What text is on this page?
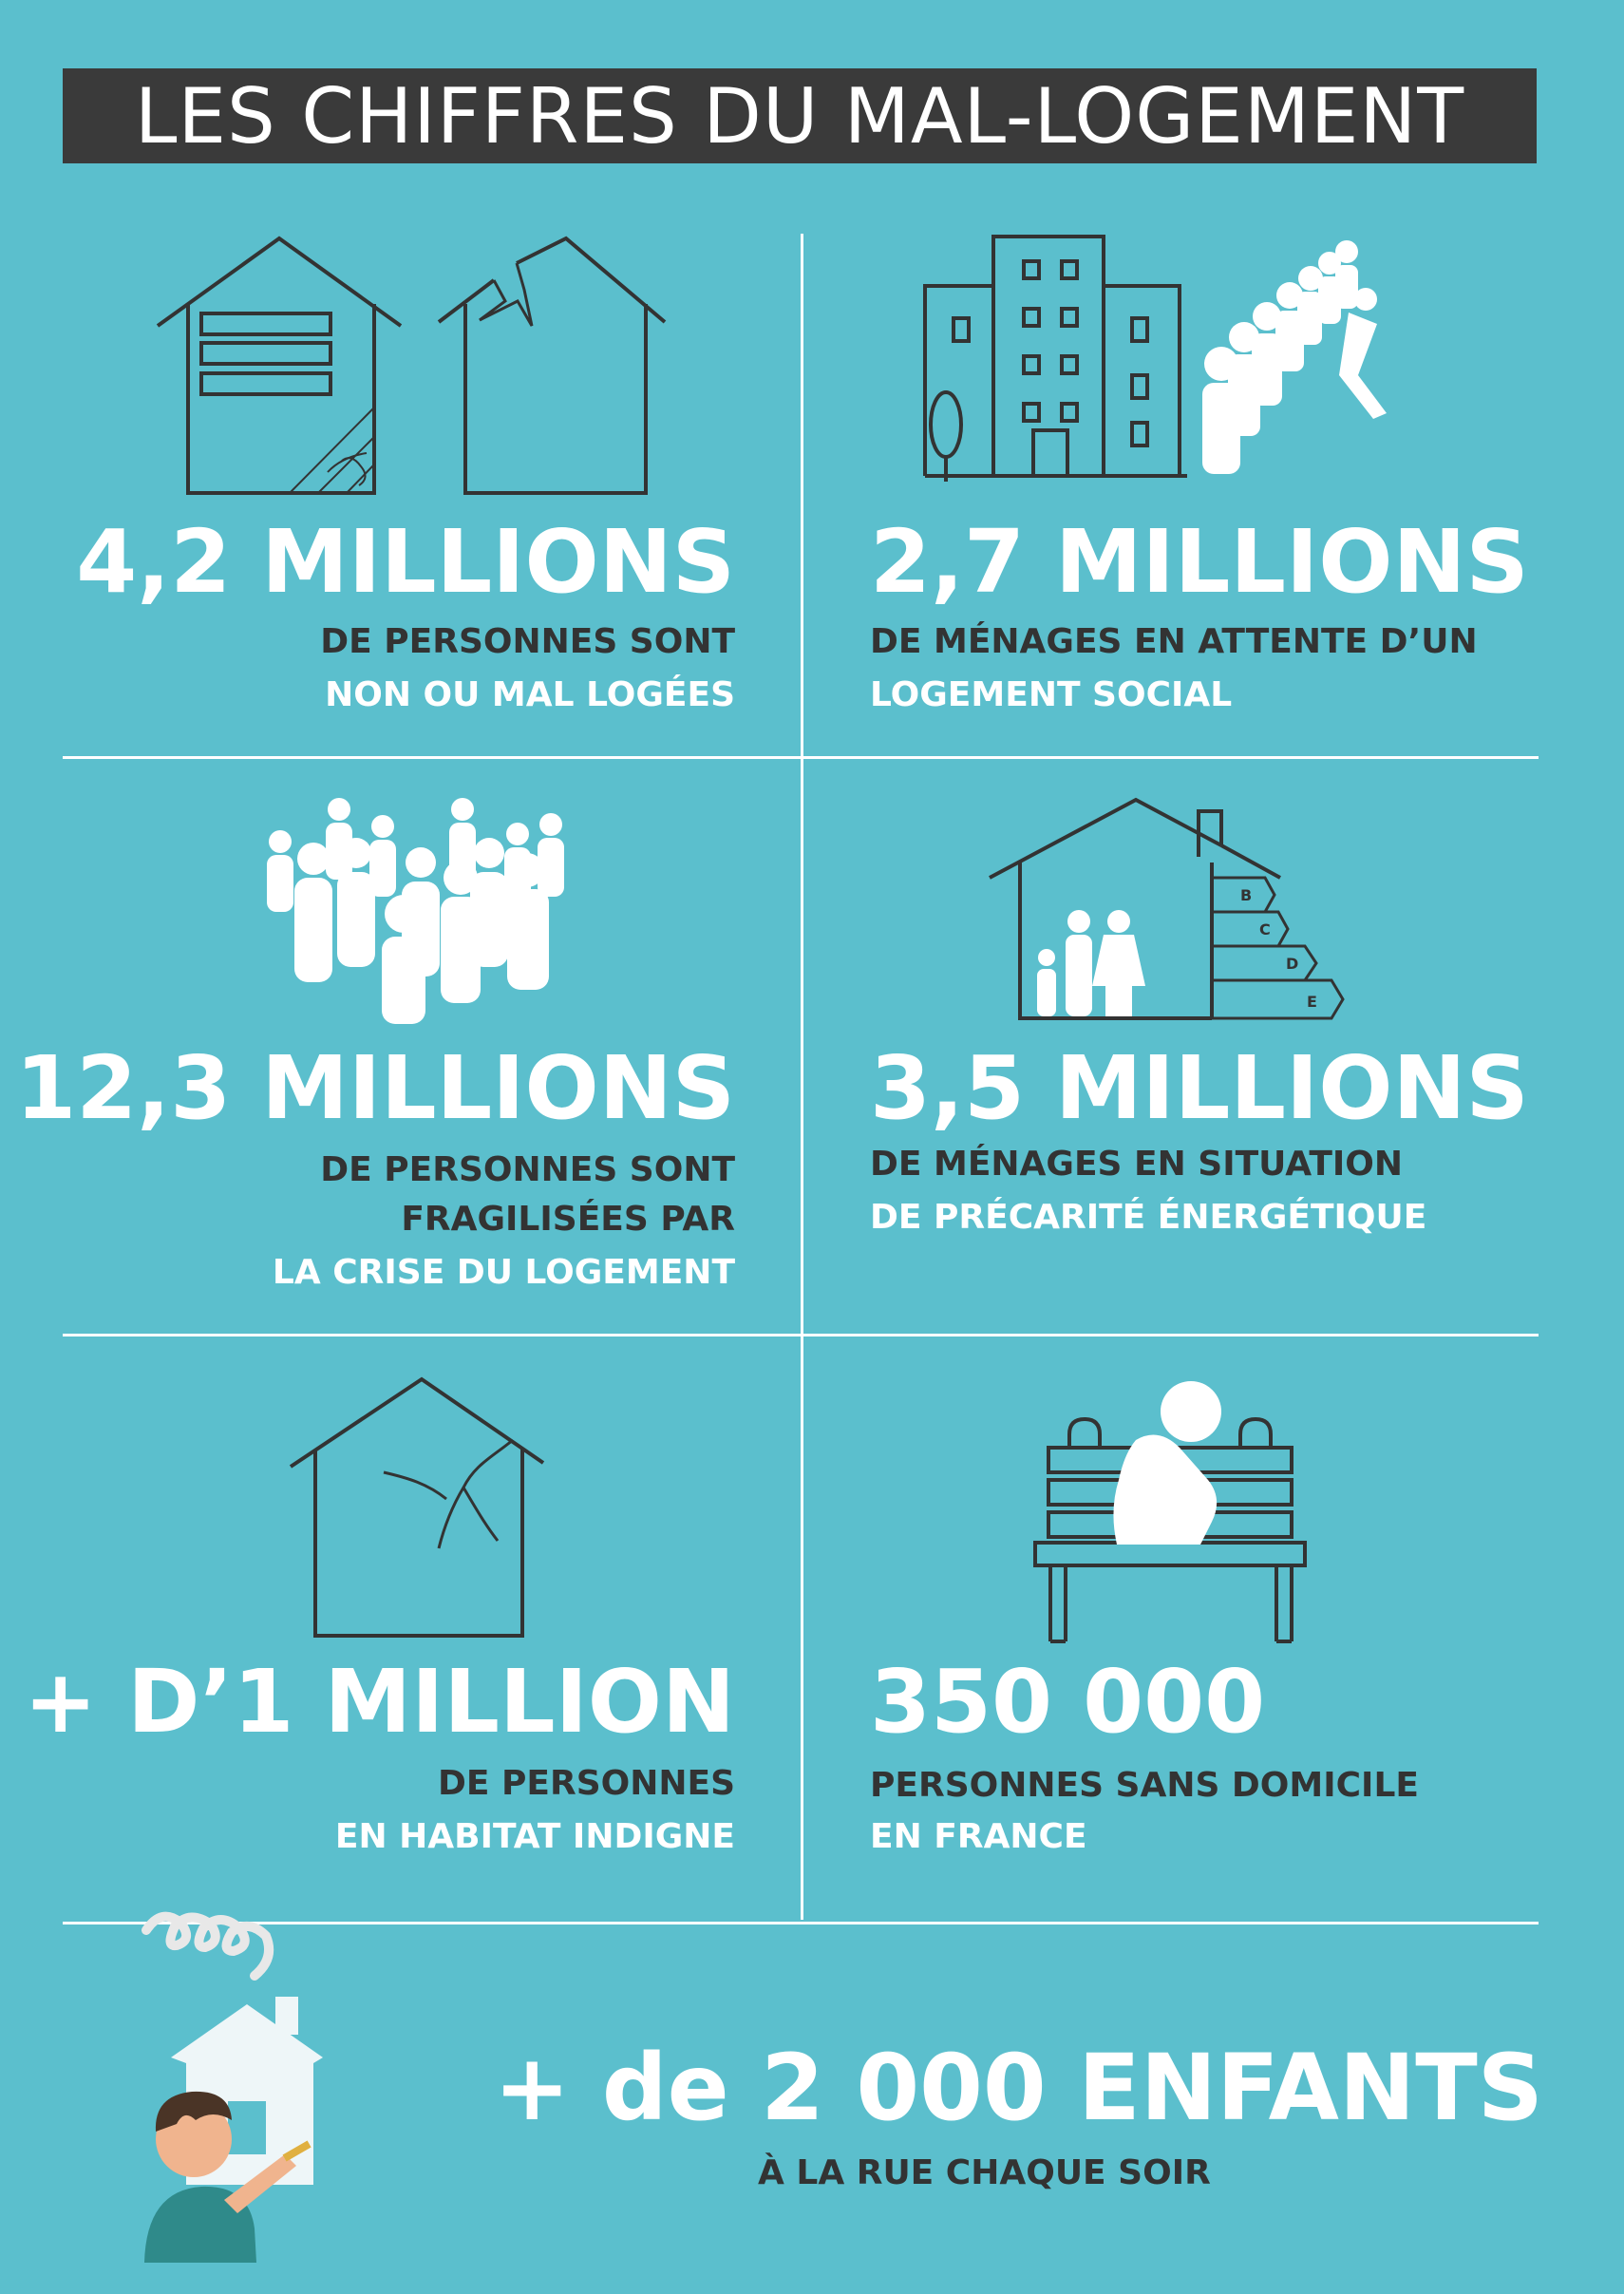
LES CHIFFRES DU MAL-LOGEMENT
4,2 MILLIONS
DE PERSONNES SONT
NON OU MAL LOGÉES
2,7 MILLIONS
DE MÉNAGES EN ATTENTE D’UN
LOGEMENT SOCIAL
12,3 MILLIONS
DE PERSONNES SONT
FRAGILISÉES PAR
LA CRISE DU LOGEMENT
B
C
D
E
3,5 MILLIONS
DE MÉNAGES EN SITUATION
DE PRÉCARITÉ ÉNERGÉTIQUE
+ D’1 MILLION
DE PERSONNES
EN HABITAT INDIGNE
350 000
PERSONNES SANS DOMICILE
EN FRANCE
+ de 2 000 ENFANTS
À LA RUE CHAQUE SOIR
